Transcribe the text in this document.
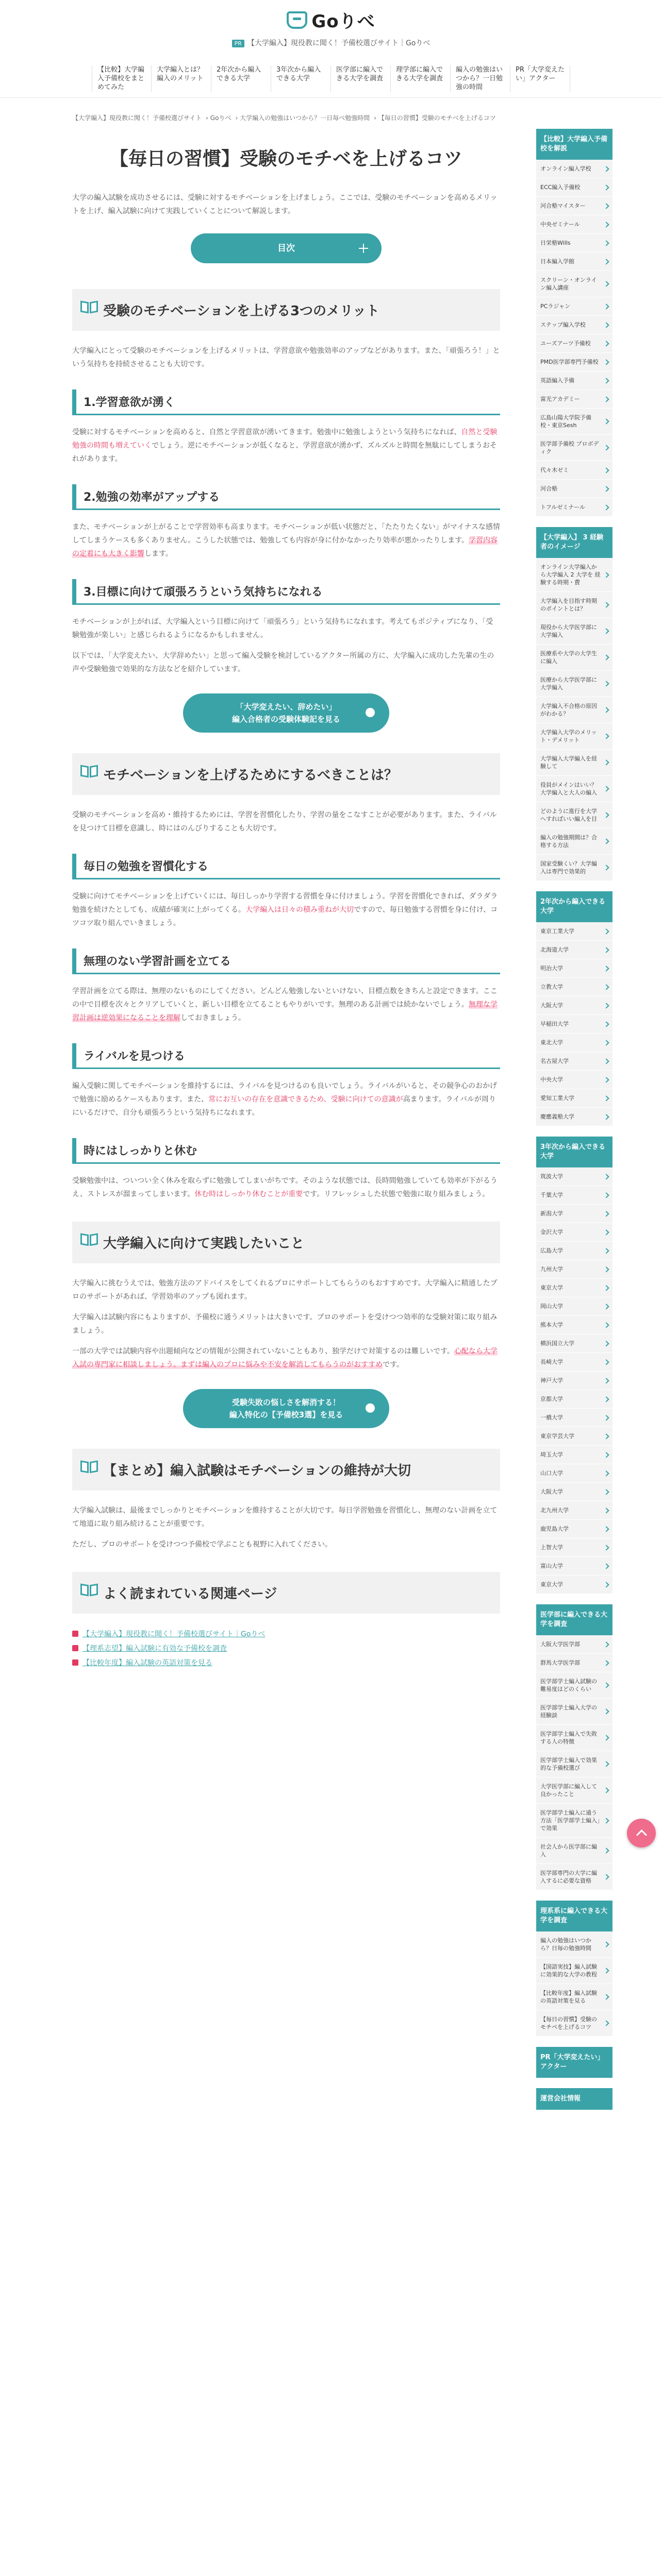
Goりべ
PR 【大学編入】現役教に聞く！予備校選びサイト｜Goりべ
【比較】大学編入予備校をまとめてみた
大学編入とは？編入のメリット
2年次から編入できる大学
3年次から編入できる大学
医学部に編入できる大学を調査
理学部に編入できる大学を調査
編入の勉強はいつから？一日勉強の時間
PR「大学変えたい」アクター
【大学編入】現役教に聞く！予備校選びサイト › Goりべ › 大学編入の勉強はいつから？一日毎べ勉強時間 › 【毎日の習慣】受験のモチベを上げるコツ
【毎日の習慣】受験のモチベを上げるコツ

大学の編入試験を成功させるには、受験に対するモチベーションを上げましょう。ここでは、受験のモチベーションを高めるメリットを上げ、編入試験に向けて実践していくことについて解説します。

目次
受験のモチベーションを上げる3つのメリット

大学編入にとって受験のモチベーションを上げるメリットは、学習意欲や勉強効率のアップなどがあります。また、「頑張ろう！」という気持ちを持続させることも大切です。

1.学習意欲が湧く

受験に対するモチベーションを高めると、自然と学習意欲が湧いてきます。勉強中に勉強しようという気持ちになれば、自然と受験勉強の時間も増えていくでしょう。逆にモチベーションが低くなると、学習意欲が湧かず、ズルズルと時間を無駄にしてしまうおそれがあります。

2.勉強の効率がアップする

また、モチベーションが上がることで学習効率も高まります。モチベーションが低い状態だと、「たたりたくない」がマイナスな感情してしまうケースも多くありません。こうした状態では、勉強しても内容が身に付かなかったり効率が悪かったりします。学習内容の定着にも大きく影響します。

3.目標に向けて頑張ろうという気持ちになれる

モチベーションが上がれば、大学編入という目標に向けて「頑張ろう」という気持ちになれます。考えてもポジティブになり、「受験勉強が楽しい」と感じられるようになるかもしれません。

以下では、「大学変えたい、大学辞めたい」と思って編入受験を検討しているアクター所属の方に、大学編入に成功した先輩の生の声や受験勉強で効果的な方法などを紹介しています。

「大学変えたい、辞めたい」
編入合格者の受験体験記を見る
モチベーションを上げるためにするべきことは？

受験のモチベーションを高め・維持するためには、学習を習慣化したり、学習の量をこなすことが必要があります。また、ライバルを見つけて目標を意識し、時にはのんびりすることも大切です。

毎日の勉強を習慣化する

受験に向けてモチベーションを上げていくには、毎日しっかり学習する習慣を身に付けましょう。学習を習慣化できれば、ダラダラ勉強を続けたとしても、成績が確実に上がってくる。大学編入は日々の積み重ねが大切ですので、毎日勉強する習慣を身に付け、コツコツ取り組んでいきましょう。

無理のない学習計画を立てる

学習計画を立てる際は、無理のないものにしてください。どんどん勉強しないといけない、目標点数をきちんと設定できます。ここの中で目標を次々とクリアしていくと、新しい目標を立てることもやりがいです。無理のある計画では続かないでしょう。無理な学習計画は逆効果になることを理解しておきましょう。

ライバルを見つける

編入受験に関してモチベーションを維持するには、ライバルを見つけるのも良いでしょう。ライバルがいると、その競争心のおかげで勉強に励めるケースもあります。また、常にお互いの存在を意識できるため、受験に向けての意識が高まります。ライバルが周りにいるだけで、自分も頑張ろうという気持ちになれます。

時にはしっかりと休む

受験勉強中は、ついつい全く休みを取らずに勉強してしまいがちです。そのような状態では、長時間勉強していても効率が下がるうえ、ストレスが溜まってしまいます。休む時はしっかり休むことが重要です。リフレッシュした状態で勉強に取り組みましょう。

大学編入に向けて実践したいこと

大学編入に挑むうえでは、勉強方法のアドバイスをしてくれるプロにサポートしてもらうのもおすすめです。大学編入に精通したプロのサポートがあれば、学習効率のアップも図れます。

大学編入は試験内容にもよりますが、予備校に通うメリットは大きいです。プロのサポートを受けつつ効率的な受験対策に取り組みましょう。

一部の大学では試験内容や出題傾向などの情報が公開されていないこともあり、独学だけで対策するのは難しいです。心配なら大学入試の専門家に相談しましょう。まずは編入のプロに悩みや不安を解消してもらうのがおすすめです。

受験失敗の悩しさを解消する！
編入特化の【予備校3選】を見る
【まとめ】編入試験はモチベーションの維持が大切

大学編入試験は、最後までしっかりとモチベーションを維持することが大切です。毎日学習勉強を習慣化し、無理のない計画を立てて地道に取り組み続けることが重要です。

ただし、プロのサポートを受けつつ予備校で学ぶことも視野に入れてください。

よく読まれている関連ページ
【大学編入】現役教に聞く！予備校選びサイト｜Goりべ
【理系志望】編入試験に有効な予備校を調査
【比較年度】編入試験の英語対策を見る
【比較】大学編入予備校を解説
オンライン編入学校
ECC編入予備校
河合塾マイスター
中央ゼミナール
日栄塾Wills
日本編入学館
スクリーン・オンライン編入講座
PCラジャン
ステップ編入学校
ユーズアーツ予備校
PMD医学部専門予備校
英語編入予備
富光アカデミー
広島山陽大学院予備校・東京Sesh
医学部予備校 プロボディク
代々木ゼミ
河合塾
トフルゼミナール
【大学編入】 3 経験者のイメージ
オンライン大学編入から大学編入 2 大学を 経験する時期・費
大学編入を目指す時期のポイントとは？
現役から大学医学部に大学編入
医療系や大学の大学生に編入
医療から大学医学部に大学編入
大学編入不合格の原因がわかる？
大学編入大学のメリット・デメリット
大学編入大学編入を経験して
役員がメインはいい？大学編入と大人の編入
どのように進行を大学へすればいい編入を目
編入の勉強期間は？合格する方法
国家受験くい？大学編入は専門で効果的
2年次から編入できる大学
東京工業大学
北海道大学
明治大学
立教大学
大阪大学
早稲田大学
東北大学
名古屋大学
中央大学
愛知工業大学
慶應義塾大学
3年次から編入できる大学
筑波大学
千葉大学
新潟大学
金沢大学
広島大学
九州大学
東京大学
岡山大学
熊本大学
横浜国立大学
長崎大学
神戸大学
京都大学
一橋大学
東京学芸大学
埼玉大学
山口大学
大阪大学
北九州大学
鹿児島大学
上智大学
富山大学
東京大学
医学部に編入できる大学を調査
大阪大学医学部
群馬大学医学部
医学部学士編入試験の難易度はどのくらい
医学部学士編入大学の経験談
医学部学士編入で失敗する人の特徴
医学部学士編入で効果的な予備校選び
大学医学部に編入して良かったこと
医学部学士編入に通う方法「医学部学士編入」で効果
社会人から医学部に編入
医学部専門の大学に編入するに必要な資格
理系系に編入できる大学を調査
編入の勉強はいつから？日毎の勉強時間
【国語実技】編入試験に効果的な大学の教程
【比較年度】編入試験の英語対策を見る
【毎日の習慣】受験のモチベを上げるコツ
PR「大学変えたい」アクター
運営会社情報
